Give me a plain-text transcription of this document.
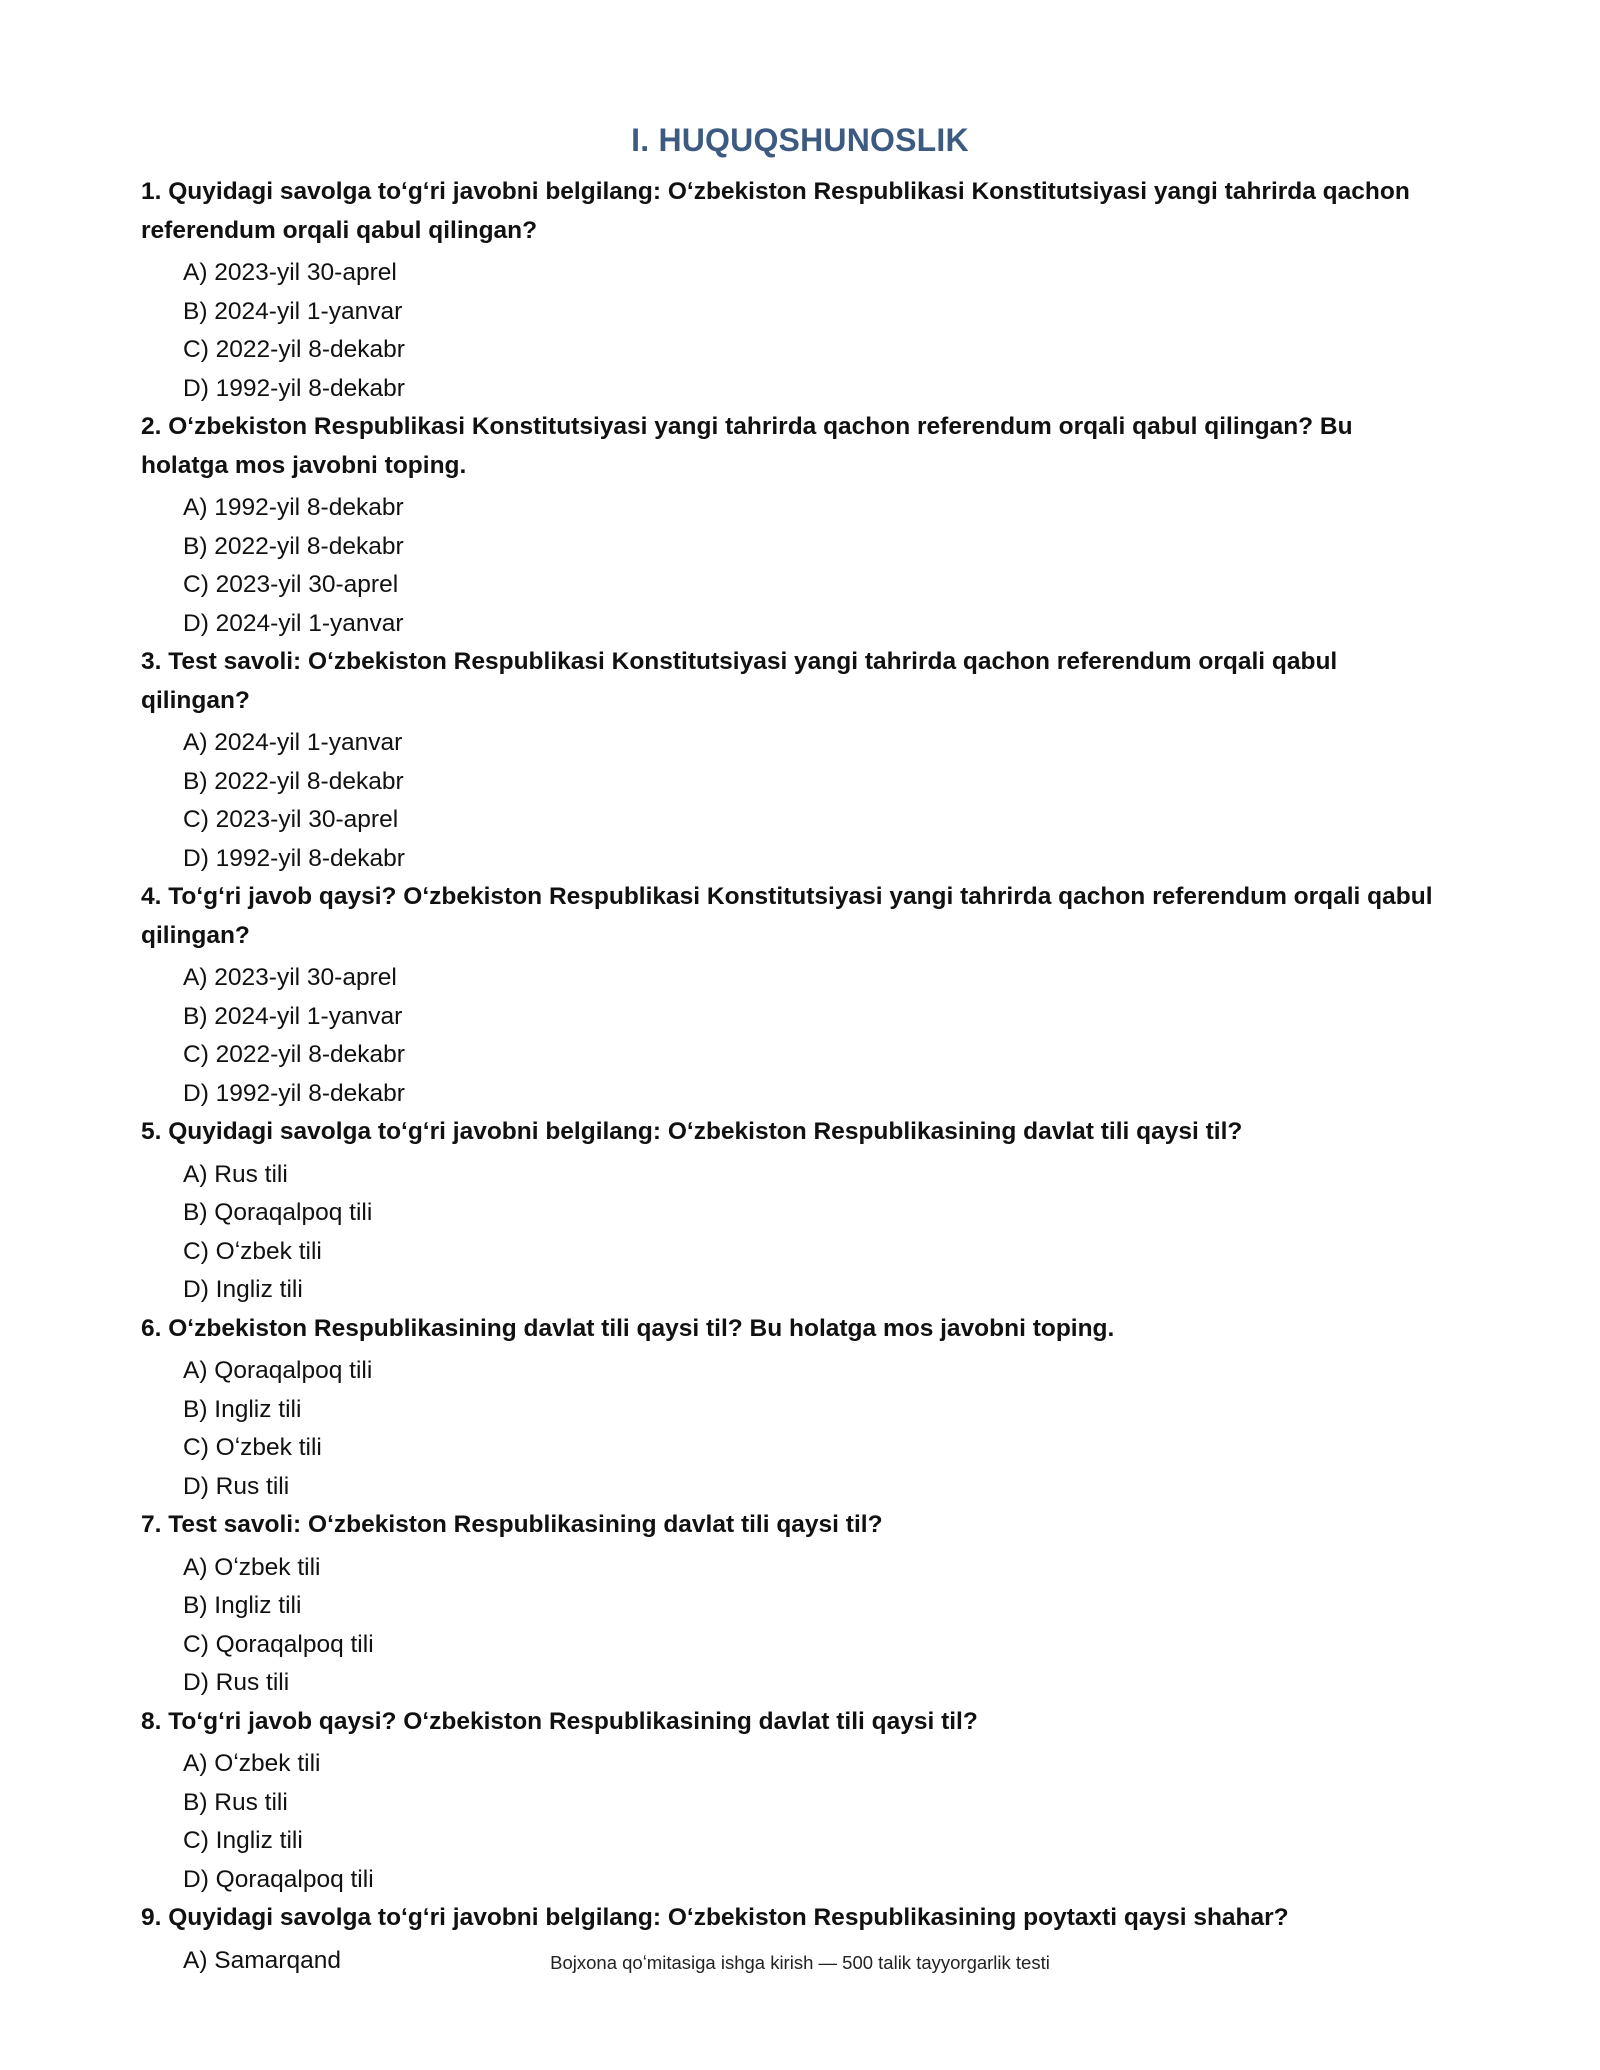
I. HUQUQSHUNOSLIK

1. Quyidagi savolga toʻgʻri javobni belgilang: Oʻzbekiston Respublikasi Konstitutsiyasi yangi tahrirda qachon referendum orqali qabul qilingan?

A) 2023-yil 30-aprel
B) 2024-yil 1-yanvar
C) 2022-yil 8-dekabr
D) 1992-yil 8-dekabr

2. Oʻzbekiston Respublikasi Konstitutsiyasi yangi tahrirda qachon referendum orqali qabul qilingan? Bu holatga mos javobni toping.

A) 1992-yil 8-dekabr
B) 2022-yil 8-dekabr
C) 2023-yil 30-aprel
D) 2024-yil 1-yanvar

3. Test savoli: Oʻzbekiston Respublikasi Konstitutsiyasi yangi tahrirda qachon referendum orqali qabul qilingan?

A) 2024-yil 1-yanvar
B) 2022-yil 8-dekabr
C) 2023-yil 30-aprel
D) 1992-yil 8-dekabr

4. Toʻgʻri javob qaysi? Oʻzbekiston Respublikasi Konstitutsiyasi yangi tahrirda qachon referendum orqali qabul qilingan?

A) 2023-yil 30-aprel
B) 2024-yil 1-yanvar
C) 2022-yil 8-dekabr
D) 1992-yil 8-dekabr

5. Quyidagi savolga toʻgʻri javobni belgilang: Oʻzbekiston Respublikasining davlat tili qaysi til?

A) Rus tili
B) Qoraqalpoq tili
C) Oʻzbek tili
D) Ingliz tili

6. Oʻzbekiston Respublikasining davlat tili qaysi til? Bu holatga mos javobni toping.

A) Qoraqalpoq tili
B) Ingliz tili
C) Oʻzbek tili
D) Rus tili

7. Test savoli: Oʻzbekiston Respublikasining davlat tili qaysi til?

A) Oʻzbek tili
B) Ingliz tili
C) Qoraqalpoq tili
D) Rus tili

8. Toʻgʻri javob qaysi? Oʻzbekiston Respublikasining davlat tili qaysi til?

A) Oʻzbek tili
B) Rus tili
C) Ingliz tili
D) Qoraqalpoq tili

9. Quyidagi savolga toʻgʻri javobni belgilang: Oʻzbekiston Respublikasining poytaxti qaysi shahar?

A) Samarqand	Bojxona qoʻmitasiga ishga kirish — 500 talik tayyorgarlik testi
